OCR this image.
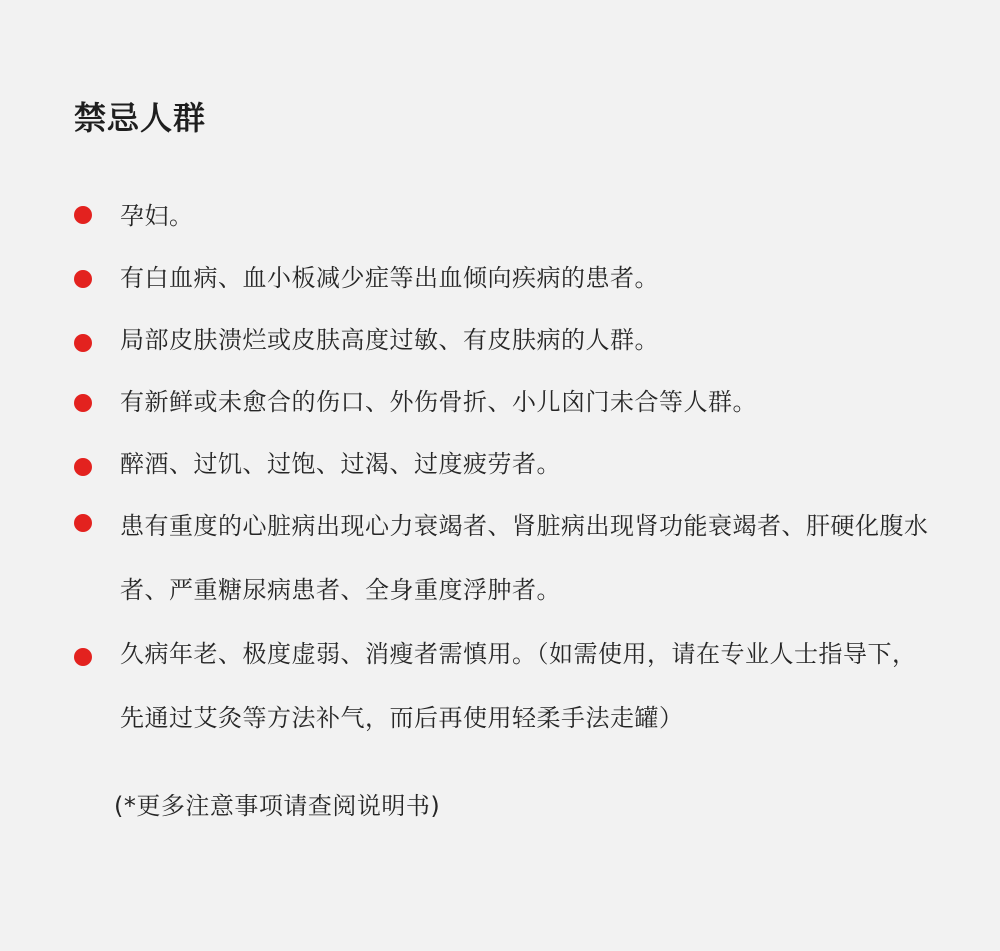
禁忌人群
孕妇。
有白血病、血小板减少症等出血倾向疾病的患者。
局部皮肤溃烂或皮肤高度过敏、有皮肤病的人群。
有新鲜或未愈合的伤口、外伤骨折、小儿囟门未合等人群。
醉酒、过饥、过饱、过渴、过度疲劳者。
患有重度的心脏病出现心力衰竭者、肾脏病出现肾功能衰竭者、肝硬化腹水者、严重糖尿病患者、全身重度浮肿者。
久病年老、极度虚弱、消瘦者需慎用。（如需使用，请在专业人士指导下，先通过艾灸等方法补气，而后再使用轻柔手法走罐）

(*更多注意事项请查阅说明书)
